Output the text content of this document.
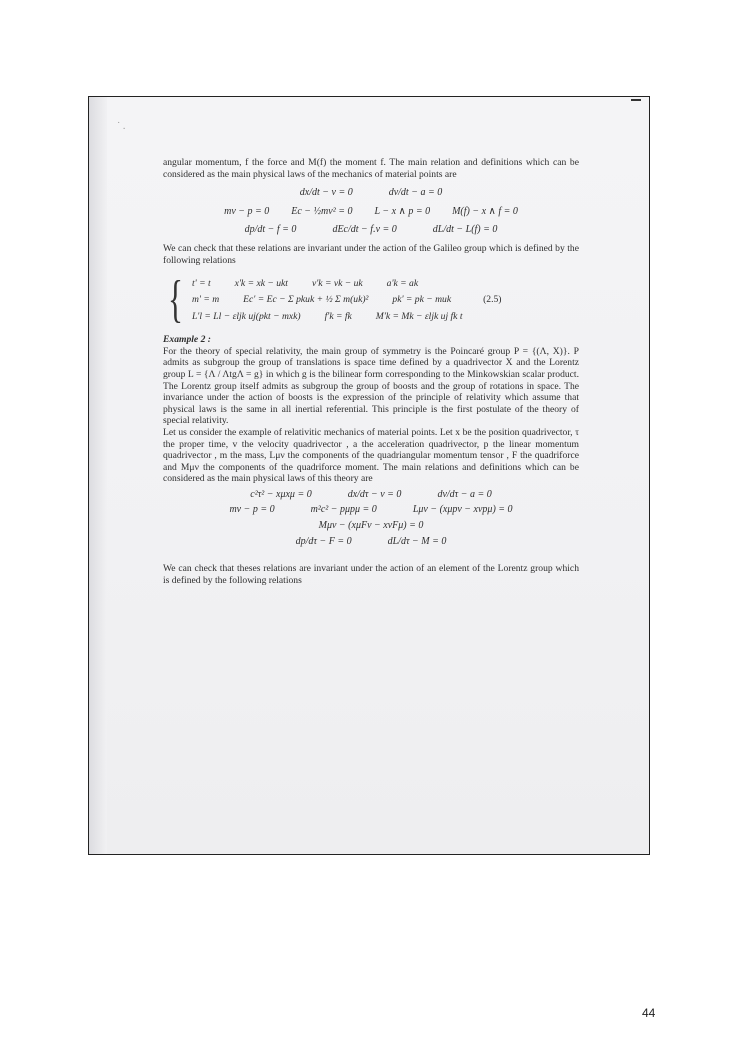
˙ .

angular momentum, f the force and M(f) the moment f. The main relation and definitions which can be considered as the main physical laws of the mechanics of material points are

dx/dt − v = 0	dv/dt − a = 0
mv − p = 0 Ec − ½mv² = 0 L − x ∧ p = 0 M(f) − x ∧ f = 0
dp/dt − f = 0	dEc/dt − f.v = 0	dL/dt − L(f) = 0

We can check that these relations are invariant under the action of the Galileo group which is defined by the following relations

{ t' = t	x'k = xk − ukt	v'k = vk − uk	a'k = ak
m' = m	Ec' = Ec − Σ pkuk + ½ Σ m(uk)²	pk' = pk − muk	(2.5)
L'l = Ll − εljk uj(pkt − mxk)	f'k = fk	M'k = Mk − εljk uj fk t

Example 2 :

For the theory of special relativity, the main group of symmetry is the Poincaré group P = {(Λ, X)}. P admits as subgroup the group of translations is space time defined by a quadrivector X and the Lorentz group L = {Λ / ΛtgΛ = g} in which g is the bilinear form corresponding to the Minkowskian scalar product. The Lorentz group itself admits as subgroup the group of boosts and the group of rotations in space. The invariance under the action of boosts is the expression of the principle of relativity which assume that physical laws is the same in all inertial referential. This principle is the first postulate of the theory of special relativity.

Let us consider the example of relativitic mechanics of material points. Let x be the position quadrivector, τ the proper time, v the velocity quadrivector , a the acceleration quadrivector, p the linear momentum quadrivector , m the mass, Lμν the components of the quadriangular momentum tensor , F the quadriforce and Mμν the components of the quadriforce moment. The main relations and definitions which can be considered as the main physical laws of this theory are

c²τ² − xμxμ = 0	dx/dτ − v = 0	dv/dτ − a = 0
mv − p = 0	m²c² − pμpμ = 0	Lμν − (xμpν − xνpμ) = 0
Mμν − (xμFν − xνFμ) = 0
dp/dτ − F = 0	dL/dτ − M = 0

We can check that theses relations are invariant under the action of an element of the Lorentz group which is defined by the following relations

44
